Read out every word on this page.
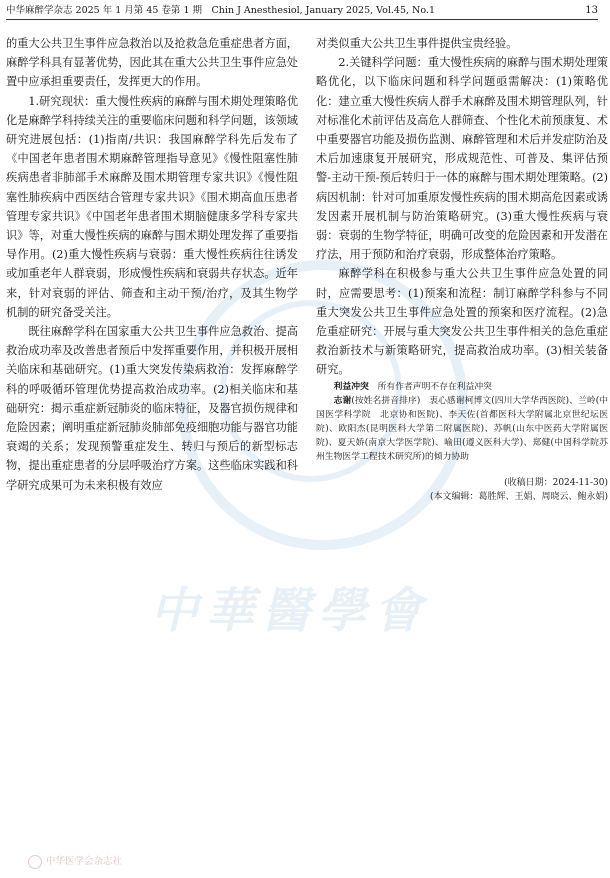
中华麻醉学杂志 2025 年 1 月第 45 卷第 1 期　Chin J Anesthesiol, January 2025, Vol.45, No.1	13
中華醫學會

的重大公共卫生事件应急救治以及抢救急危重症患者方面，麻醉学科具有显著优势，因此其在重大公共卫生事件应急处置中应承担重要责任，发挥更大的作用。

1.研究现状：重大慢性疾病的麻醉与围术期处理策略优化是麻醉学科持续关注的重要临床问题和科学问题，该领域研究进展包括：(1)指南/共识：我国麻醉学科先后发布了《中国老年患者围术期麻醉管理指导意见》《慢性阻塞性肺疾病患者非肺部手术麻醉及围术期管理专家共识》《慢性阻塞性肺疾病中西医结合管理专家共识》《围术期高血压患者管理专家共识》《中国老年患者围术期脑健康多学科专家共识》等，对重大慢性疾病的麻醉与围术期处理发挥了重要指导作用。(2)重大慢性疾病与衰弱：重大慢性疾病往往诱发或加重老年人群衰弱，形成慢性疾病和衰弱共存状态。近年来，针对衰弱的评估、筛查和主动干预/治疗，及其生物学机制的研究备受关注。

既往麻醉学科在国家重大公共卫生事件应急救治、提高救治成功率及改善患者预后中发挥重要作用，并积极开展相关临床和基础研究。(1)重大突发传染病救治：发挥麻醉学科的呼吸循环管理优势提高救治成功率。(2)相关临床和基础研究：揭示重症新冠肺炎的临床特征，及器官损伤规律和危险因素；阐明重症新冠肺炎肺部免疫细胞功能与器官功能衰竭的关系；发现预警重症发生、转归与预后的新型标志物，提出重症患者的分层呼吸治疗方案。这些临床实践和科学研究成果可为未来积极有效应

对类似重大公共卫生事件提供宝贵经验。

2.关键科学问题：重大慢性疾病的麻醉与围术期处理策略优化，以下临床问题和科学问题亟需解决：(1)策略优化：建立重大慢性疾病人群手术麻醉及围术期管理队列，针对标准化术前评估及高危人群筛查、个性化术前预康复、术中重要器官功能及损伤监测、麻醉管理和术后并发症防治及术后加速康复开展研究，形成规范性、可普及、集评估预警-主动干预-预后转归于一体的麻醉与围术期处理策略。(2)病因机制：针对可加重原发慢性疾病的围术期高危因素或诱发因素开展机制与防治策略研究。(3)重大慢性疾病与衰弱：衰弱的生物学特征，明确可改变的危险因素和开发潜在疗法，用于预防和治疗衰弱，形成整体治疗策略。

麻醉学科在积极参与重大公共卫生事件应急处置的同时，应需要思考：(1)预案和流程：制订麻醉学科参与不同重大突发公共卫生事件应急处置的预案和医疗流程。(2)急危重症研究：开展与重大突发公共卫生事件相关的急危重症救治新技术与新策略研究，提高救治成功率。(3)相关装备研究。

利益冲突　 所有作者声明不存在利益冲突

志谢(按姓名拼音排序)　衷心感谢柯博文(四川大学华西医院)、兰岭(中国医学科学院　北京协和医院)、李天佐(首都医科大学附属北京世纪坛医院)、欧阳杰(昆明医科大学第二附属医院)、苏帆(山东中医药大学附属医院)、夏天娇(南京大学医学院)、喻田(遵义医科大学)、郑健(中国科学院苏州生物医学工程技术研究所)的倾力协助

(收稿日期：2024-11-30)
(本文编辑：葛胜辉、王娟、周晓云、鲍永娟)
中华医学会杂志社
